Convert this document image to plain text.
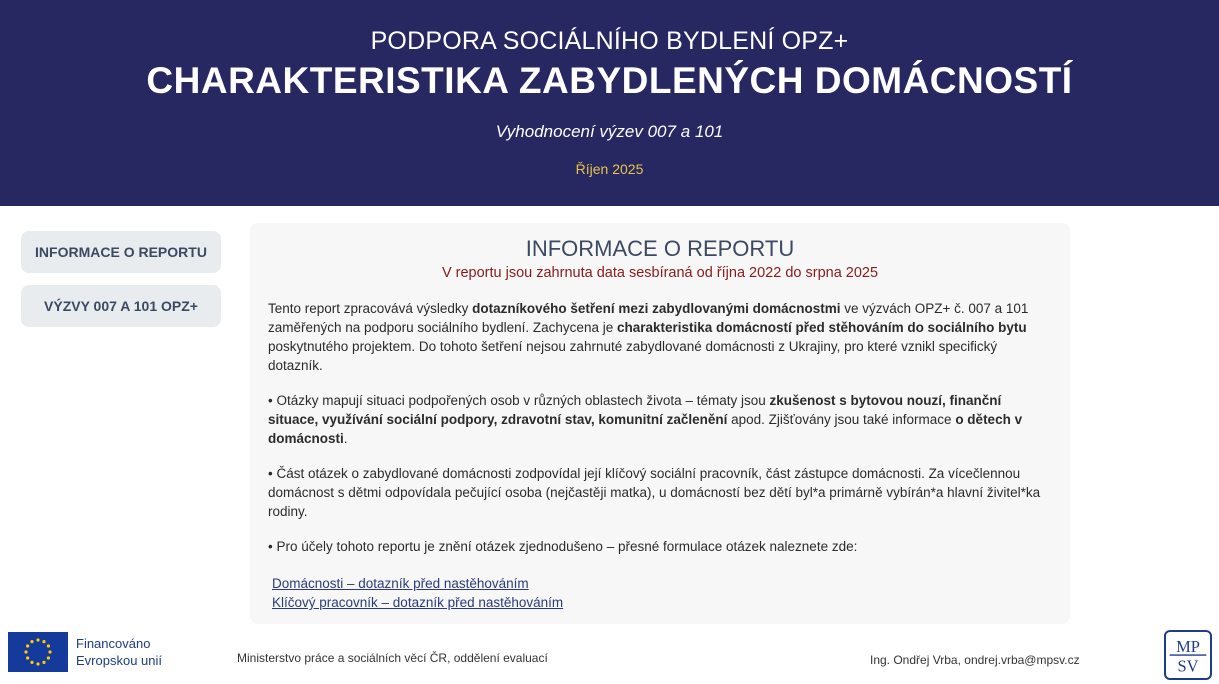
PODPORA SOCIÁLNÍHO BYDLENÍ OPZ+
CHARAKTERISTIKA ZABYDLENÝCH DOMÁCNOSTÍ
Vyhodnocení výzev 007 a 101
Říjen 2025
INFORMACE O REPORTU
VÝZVY 007 A 101 OPZ+
INFORMACE O REPORTU
V reportu jsou zahrnuta data sesbíraná od října 2022 do srpna 2025

Tento report zpracovává výsledky dotazníkového šetření mezi zabydlovanými domácnostmi ve výzvách OPZ+ č. 007 a 101 zaměřených na podporu sociálního bydlení. Zachycena je charakteristika domácností před stěhováním do sociálního bytu poskytnutého projektem. Do tohoto šetření nejsou zahrnuté zabydlované domácnosti z Ukrajiny, pro které vznikl specifický dotazník.

• Otázky mapují situaci podpořených osob v různých oblastech života – tématy jsou zkušenost s bytovou nouzí, finanční situace, využívání sociální podpory, zdravotní stav, komunitní začlenění apod. Zjišťovány jsou také informace o dětech v domácnosti.

• Část otázek o zabydlované domácnosti zodpovídal její klíčový sociální pracovník, část zástupce domácnosti. Za vícečlennou domácnost s dětmi odpovídala pečující osoba (nejčastěji matka), u domácností bez dětí byl*a primárně vybírán*a hlavní živitel*ka rodiny.

• Pro účely tohoto reportu je znění otázek zjednodušeno – přesné formulace otázek naleznete zde:

Domácnosti – dotazník před nastěhováním
Klíčový pracovník – dotazník před nastěhováním
Financováno
Evropskou unií	Ministerstvo práce a sociálních věcí ČR, oddělení evaluací	Ing. Ondřej Vrba, ondrej.vrba@mpsv.cz
MP
SV
